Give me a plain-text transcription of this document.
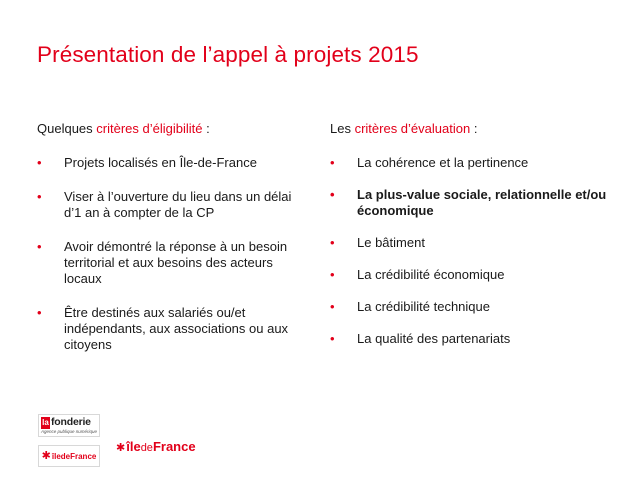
Présentation de l’appel à projets 2015
Quelques critères d’éligibilité :
• Projets localisés en Île-de-France
• Viser à l’ouverture du lieu dans un délai d’1 an à compter de la CP
• Avoir démontré la réponse à un besoin territorial et aux besoins des acteurs locaux
• Être destinés aux salariés ou/et indépendants, aux associations ou aux citoyens
Les critères d’évaluation :
• La cohérence et la pertinence
• La plus-value sociale, relationnelle et/ou économique
• Le bâtiment
• La crédibilité économique
• La crédibilité technique
• La qualité des partenariats
la fonderie
Agence publique numérique
✱îledeFrance
✱îledeFrance
